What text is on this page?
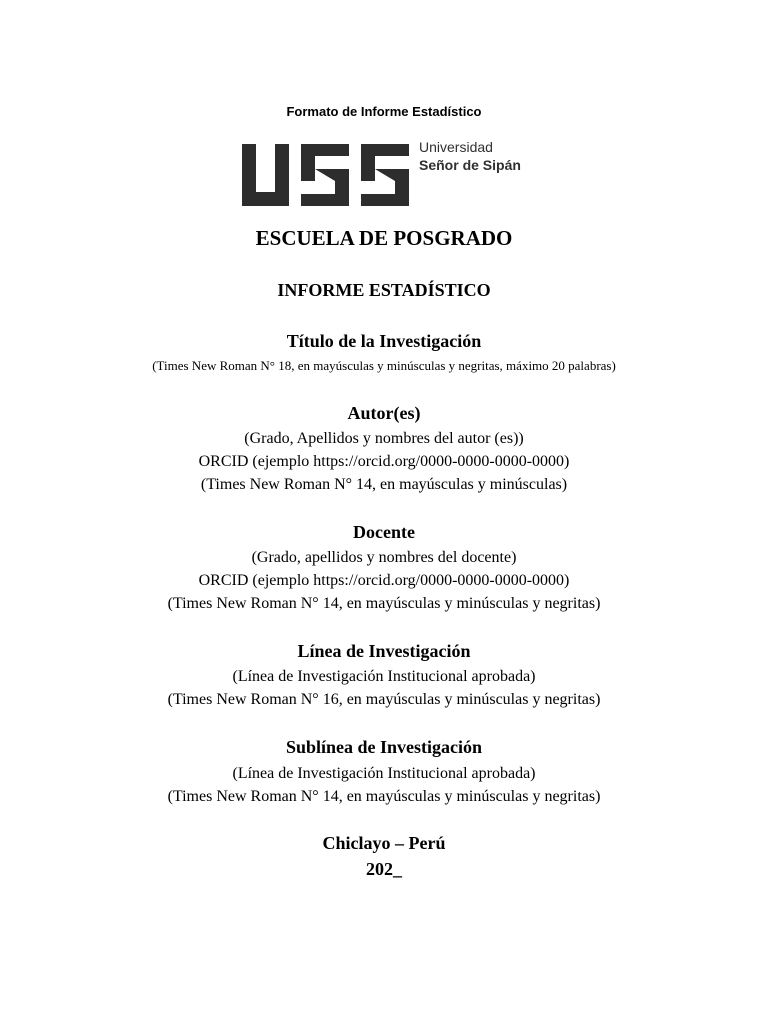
Formato de Informe Estadístico
Universidad
Señor de Sipán
ESCUELA DE POSGRADO
INFORME ESTADÍSTICO
Título de la Investigación
(Times New Roman N° 18, en mayúsculas y minúsculas y negritas, máximo 20 palabras)
Autor(es)
(Grado, Apellidos y nombres del autor (es))
ORCID (ejemplo https://orcid.org/0000-0000-0000-0000)
(Times New Roman N° 14, en mayúsculas y minúsculas)
Docente
(Grado, apellidos y nombres del docente)
ORCID (ejemplo https://orcid.org/0000-0000-0000-0000)
(Times New Roman N° 14, en mayúsculas y minúsculas y negritas)
Línea de Investigación
(Línea de Investigación Institucional aprobada)
(Times New Roman N° 16, en mayúsculas y minúsculas y negritas)
Sublínea de Investigación
(Línea de Investigación Institucional aprobada)
(Times New Roman N° 14, en mayúsculas y minúsculas y negritas)
Chiclayo – Perú
202_
